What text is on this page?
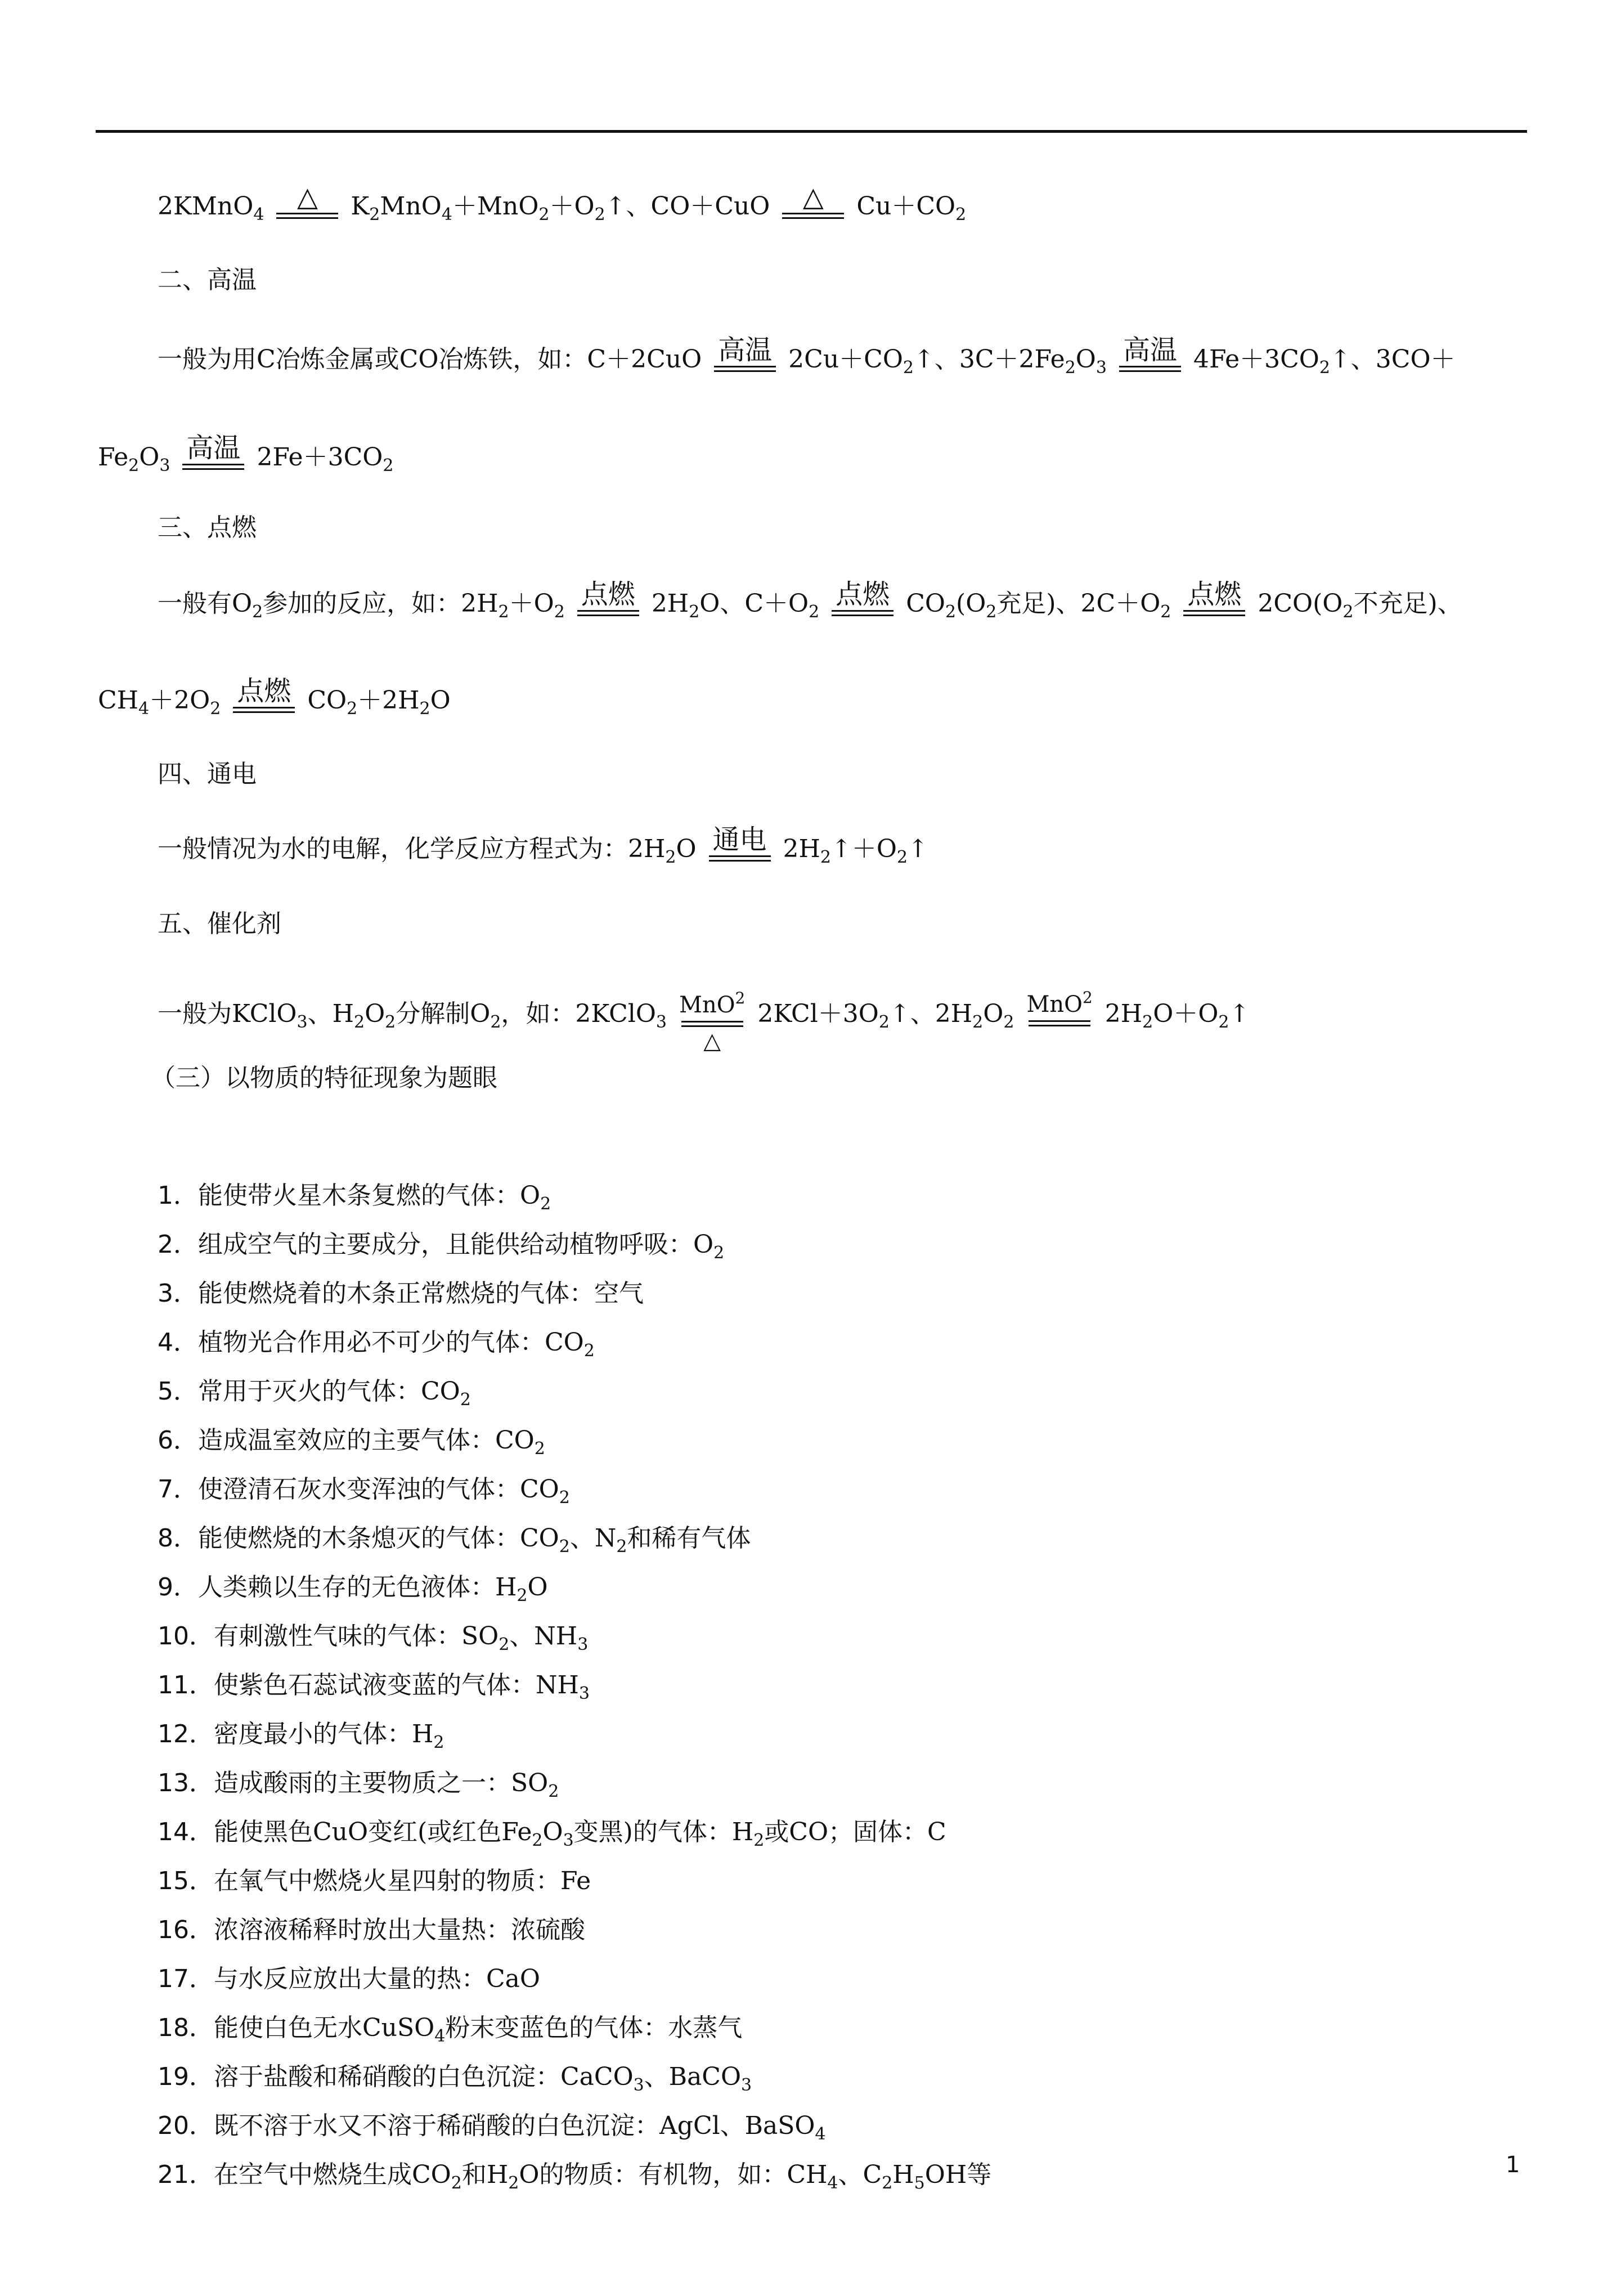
2KMnO$_4$
△ $K_2MnO_4+MnO_2+O_2↑$、CO＋CuO △ $Cu+CO_2$
二、高温
一般为用C冶炼金属或CO冶炼铁，如：C＋2CuO 高温 $2Cu+CO_2↑$、$3C+2Fe_2O_3$
高温 $4Fe+3CO_2↑$、3CO＋
$Fe_2O_3$
高温 $2Fe+3CO_2$
三、点燃
一般有$O_2$参加的反应，如：$2H_2+O_2$
点燃 $2H_2O$、$C+O_2$
点燃 $CO_2(O_2$充足)、$2C+O_2$
点燃 $2CO(O_2$不充足)、
$CH_4+2O_2$
点燃 $CO_2+2H_2O$
四、通电
一般情况为水的电解，化学反应方程式为：$2H_2O$ 通电 $2H_2↑+O_2↑$
五、催化剂
一般为KClO$_3$、$H_2O_2$分解制$O_2$，如：2KClO$_3$
MnO$^2$
△
$2KCl+3O_2↑$、$2H_2O_2$
MnO$^2$
$2H_2O+O_2↑$
（三）以物质的特征现象为题眼
1．能使带火星木条复燃的气体：$O_2$
2．组成空气的主要成分，且能供给动植物呼吸：$O_2$
3．能使燃烧着的木条正常燃烧的气体：空气
4．植物光合作用必不可少的气体：$CO_2$
5．常用于灭火的气体：$CO_2$
6．造成温室效应的主要气体：$CO_2$
7．使澄清石灰水变浑浊的气体：$CO_2$
8．能使燃烧的木条熄灭的气体：$CO_2$、$N_2$和稀有气体
9．人类赖以生存的无色液体：$H_2O$
10．有刺激性气味的气体：$SO_2$、$NH_3$
11．使紫色石蕊试液变蓝的气体：$NH_3$
12．密度最小的气体：$H_2$
13．造成酸雨的主要物质之一：$SO_2$
14．能使黑色CuO变红(或红色$Fe_2O_3$变黑)的气体：$H_2$或CO；固体：C
15．在氧气中燃烧火星四射的物质：Fe
16．浓溶液稀释时放出大量热：浓硫酸
17．与水反应放出大量的热：CaO
18．能使白色无水CuSO$_4$粉末变蓝色的气体：水蒸气
19．溶于盐酸和稀硝酸的白色沉淀：CaCO$_3$、BaCO$_3$
20．既不溶于水又不溶于稀硝酸的白色沉淀：AgCl、BaSO$_4$
21．在空气中燃烧生成$CO_2$和$H_2O$的物质：有机物，如：$CH_4$、$C_2H_5OH$等	1
